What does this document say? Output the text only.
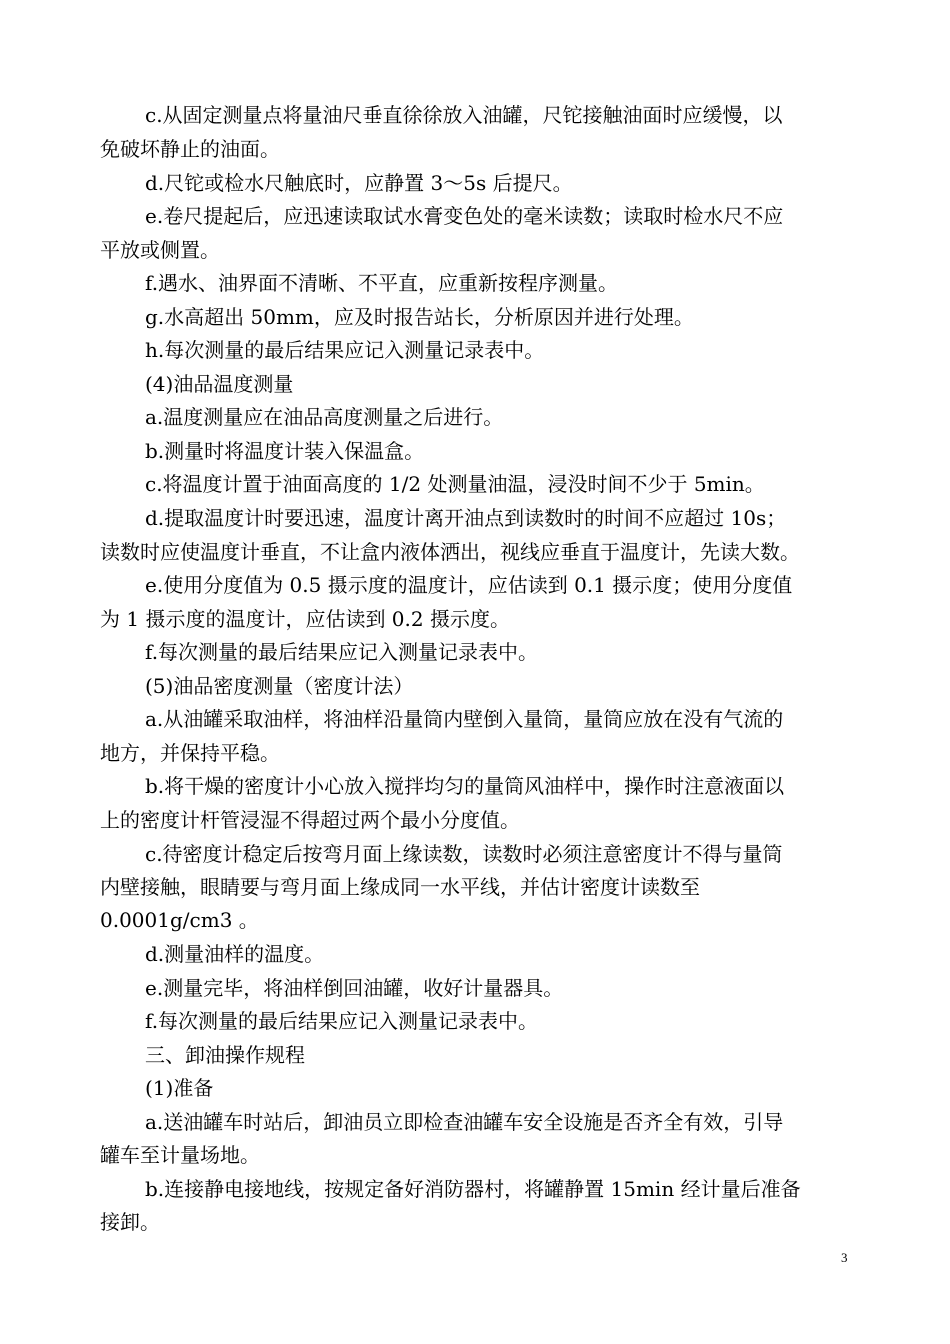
c.从固定测量点将量油尺垂直徐徐放入油罐，尺铊接触油面时应缓慢，以
免破坏静止的油面。
d.尺铊或检水尺触底时，应静置 3～5s 后提尺。
e.卷尺提起后，应迅速读取试水膏变色处的毫米读数；读取时检水尺不应
平放或侧置。
f.遇水、油界面不清晰、不平直，应重新按程序测量。
g.水高超出 50mm，应及时报告站长，分析原因并进行处理。
h.每次测量的最后结果应记入测量记录表中。
(4)油品温度测量
a.温度测量应在油品高度测量之后进行。
b.测量时将温度计装入保温盒。
c.将温度计置于油面高度的 1/2 处测量油温，浸没时间不少于 5min。
d.提取温度计时要迅速，温度计离开油点到读数时的时间不应超过 10s；
读数时应使温度计垂直，不让盒内液体洒出，视线应垂直于温度计，先读大数。
e.使用分度值为 0.5 摄示度的温度计，应估读到 0.1 摄示度；使用分度值
为 1 摄示度的温度计，应估读到 0.2 摄示度。
f.每次测量的最后结果应记入测量记录表中。
(5)油品密度测量（密度计法）
a.从油罐采取油样，将油样沿量筒内壁倒入量筒，量筒应放在没有气流的
地方，并保持平稳。
b.将干燥的密度计小心放入搅拌均匀的量筒风油样中，操作时注意液面以
上的密度计杆管浸湿不得超过两个最小分度值。
c.待密度计稳定后按弯月面上缘读数，读数时必须注意密度计不得与量筒
内壁接触，眼睛要与弯月面上缘成同一水平线，并估计密度计读数至
0.0001g/cm3 。
d.测量油样的温度。
e.测量完毕，将油样倒回油罐，收好计量器具。
f.每次测量的最后结果应记入测量记录表中。
三、卸油操作规程
(1)准备
a.送油罐车时站后，卸油员立即检查油罐车安全设施是否齐全有效，引导
罐车至计量场地。
b.连接静电接地线，按规定备好消防器村，将罐静置 15min 经计量后准备
接卸。
3
